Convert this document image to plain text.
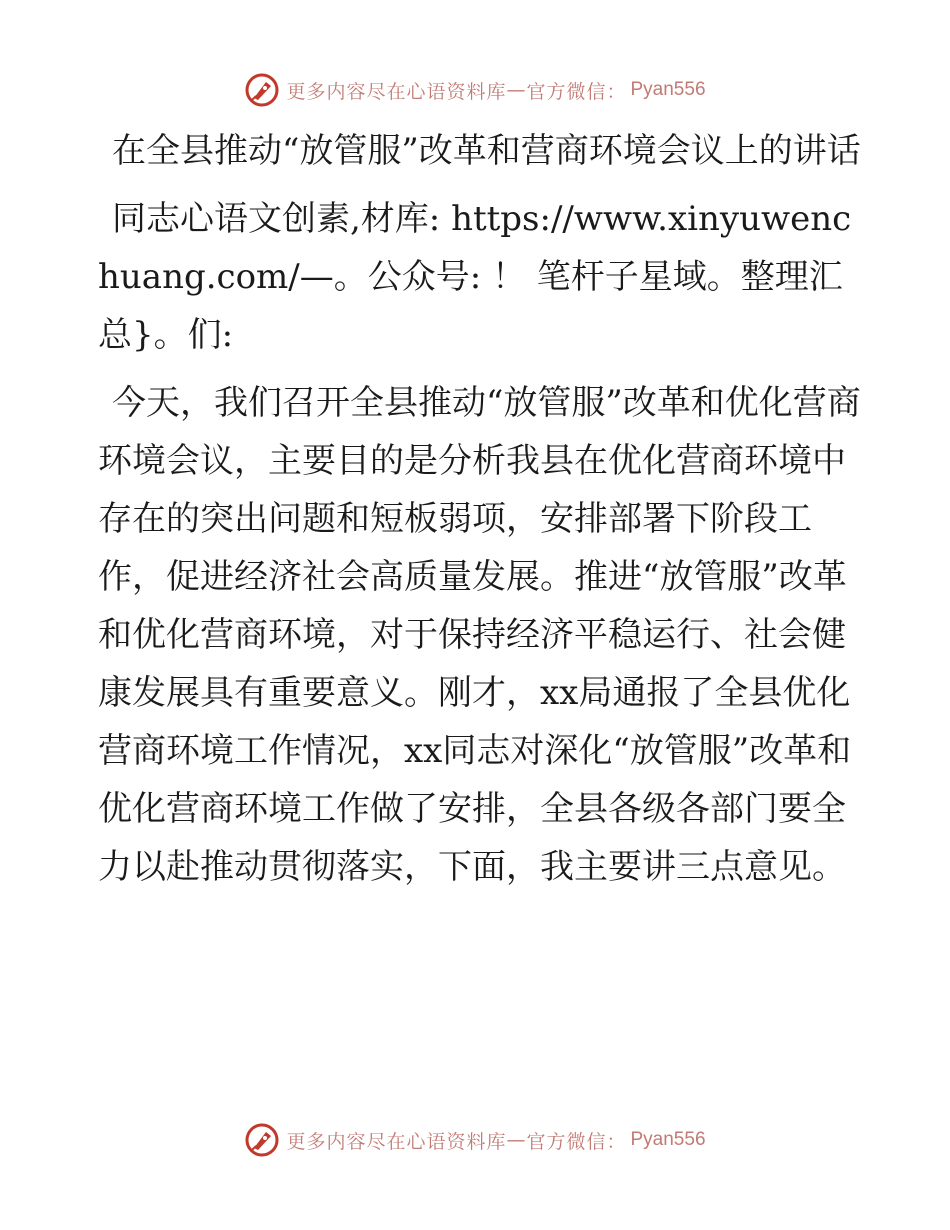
更多内容尽在心语资料库 — 官方微信： Pyan556

在全县推动“放管服”改革和营商环境会议上的讲话

同志心语文创素,材库: https://www.xinyuwenchuang.com/—。公众号: ！ 笔杆子星域。整理汇总}。们:

今天，我们召开全县推动“放管服”改革和优化营商环境会议，主要目的是分析我县在优化营商环境中存在的突出问题和短板弱项，安排部署下阶段工作，促进经济社会高质量发展。推进“放管服”改革和优化营商环境，对于保持经济平稳运行、社会健康发展具有重要意义。刚才，xx局通报了全县优化营商环境工作情况，xx同志对深化“放管服”改革和优化营商环境工作做了安排，全县各级各部门要全力以赴推动贯彻落实，下面，我主要讲三点意见。

更多内容尽在心语资料库 — 官方微信： Pyan556
